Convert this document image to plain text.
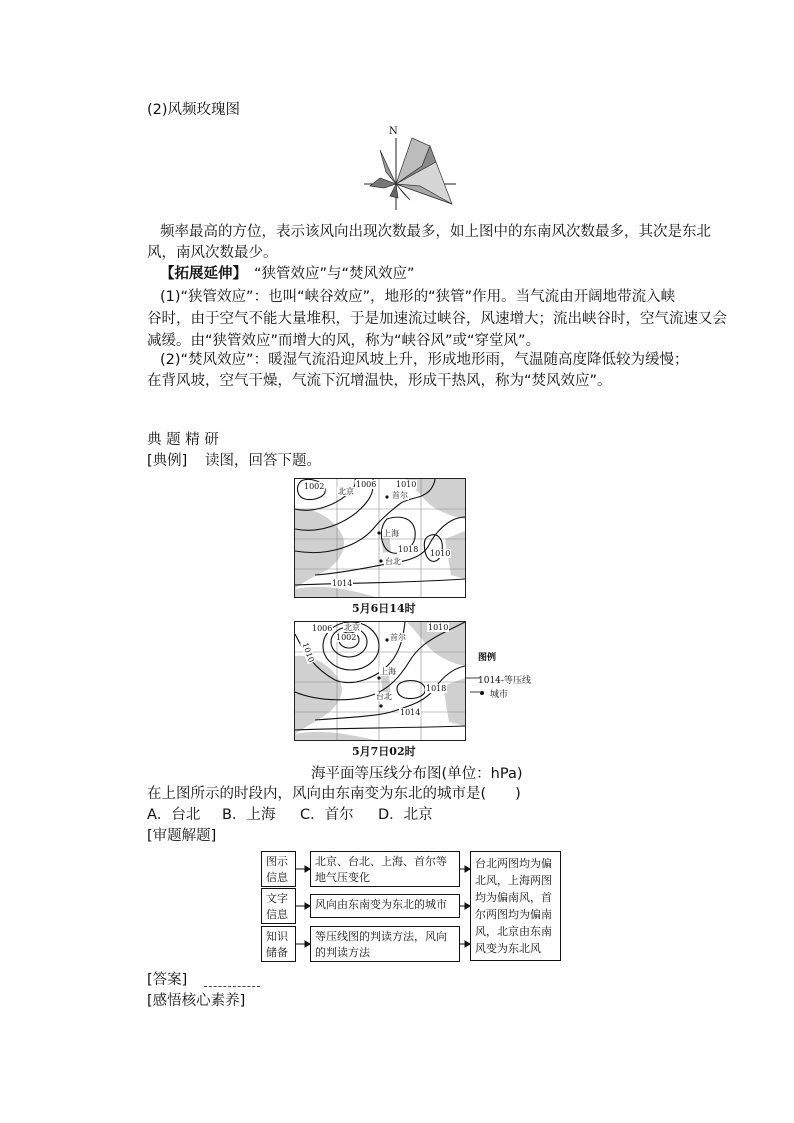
(2)风频玫瑰图
N
频率最高的方位，表示该风向出现次数最多，如上图中的东南风次数最多，其次是东北
风，南风次数最少。
【拓展延伸】 “狭管效应”与“焚风效应”
(1)“狭管效应”：也叫“峡谷效应”，地形的“狭管”作用。当气流由开阔地带流入峡
谷时，由于空气不能大量堆积，于是加速流过峡谷，风速增大；流出峡谷时，空气流速又会
减缓。由“狭管效应”而增大的风，称为“峡谷风”或“穿堂风”。
(2)“焚风效应”：暖湿气流沿迎风坡上升，形成地形雨，气温随高度降低较为缓慢；
在背风坡，空气干燥，气流下沉增温快，形成干热风，称为“焚风效应”。
典 题 精 研
[典例] 读图，回答下题。
1002
北京
1006 1010
首尔
上海
1018
台北
1014
1010
5月6日14时
1006 北京
1002	首尔
1010
1010
上海
1018
台北
1014
5月7日02时
图例
1014-等压线
城市
海平面等压线分布图(单位：hPa)
在上图所示的时段内，风向由东南变为东北的城市是(　　)
A．台北 B．上海 C．首尔 D．北京
[审题解题]
图示
信息
北京、台北、上海、首尔等
地气压变化
文字
信息
风向由东南变为东北的城市
知识
储备
等压线图的判读方法，风向
的判读方法
台北两图均为偏
北风，上海两图
均为偏南风，首
尔两图均为偏南
风，北京由东南
风变为东北风
[答案]
[感悟核心素养]
